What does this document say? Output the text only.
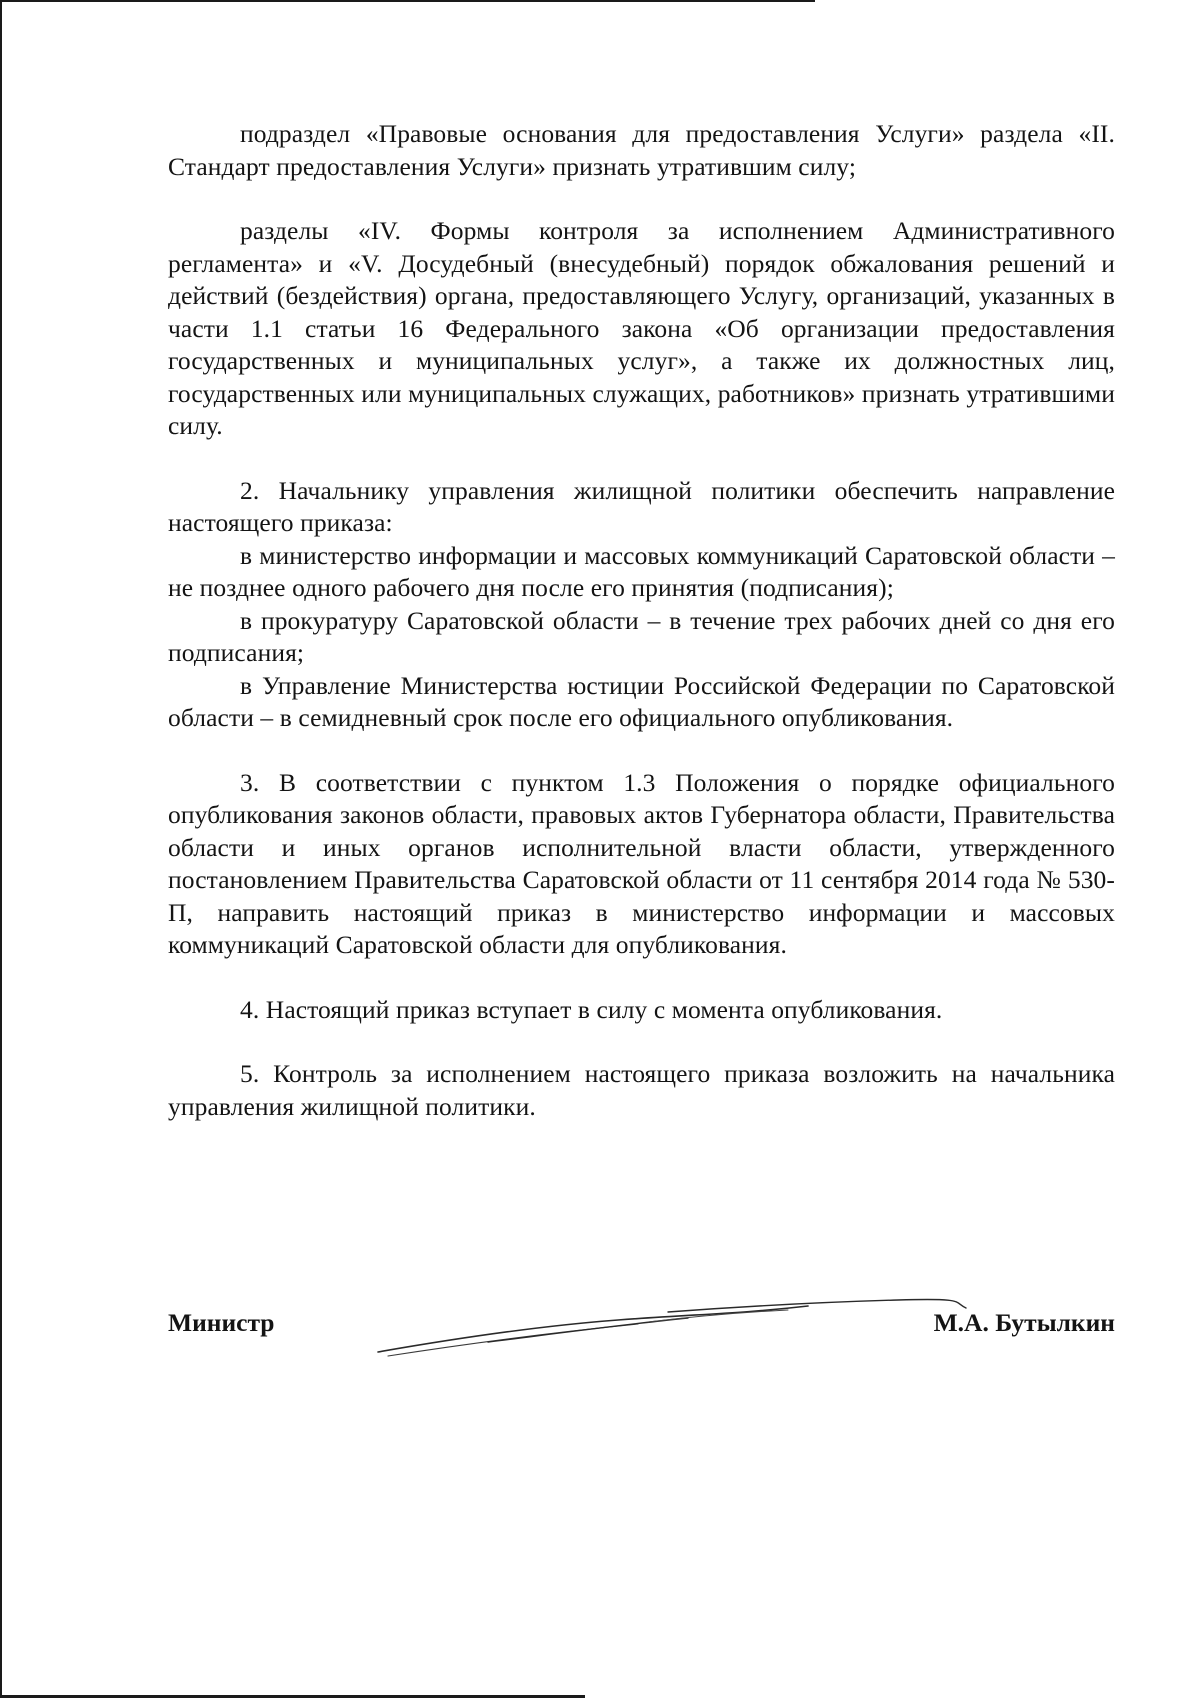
подраздел «Правовые основания для предоставления Услуги» раздела «II. Стандарт предоставления Услуги» признать утратившим силу;

разделы «IV. Формы контроля за исполнением Административного регламента» и «V. Досудебный (внесудебный) порядок обжалования решений и действий (бездействия) органа, предоставляющего Услугу, организаций, указанных в части 1.1 статьи 16 Федерального закона «Об организации предоставления государственных и муниципальных услуг», а также их должностных лиц, государственных или муниципальных служащих, работников» признать утратившими силу.

2. Начальнику управления жилищной политики обеспечить направление настоящего приказа:

в министерство информации и массовых коммуникаций Саратовской области – не позднее одного рабочего дня после его принятия (подписания);

в прокуратуру Саратовской области – в течение трех рабочих дней со дня его подписания;

в Управление Министерства юстиции Российской Федерации по Саратовской области – в семидневный срок после его официального опубликования.

3. В соответствии с пунктом 1.3 Положения о порядке официального опубликования законов области, правовых актов Губернатора области, Правительства области и иных органов исполнительной власти области, утвержденного постановлением Правительства Саратовской области от 11 сентября 2014 года № 530-П, направить настоящий приказ в министерство информации и массовых коммуникаций Саратовской области для опубликования.

4. Настоящий приказ вступает в силу с момента опубликования.

5. Контроль за исполнением настоящего приказа возложить на начальника управления жилищной политики.

Министр	М.А. Бутылкин
